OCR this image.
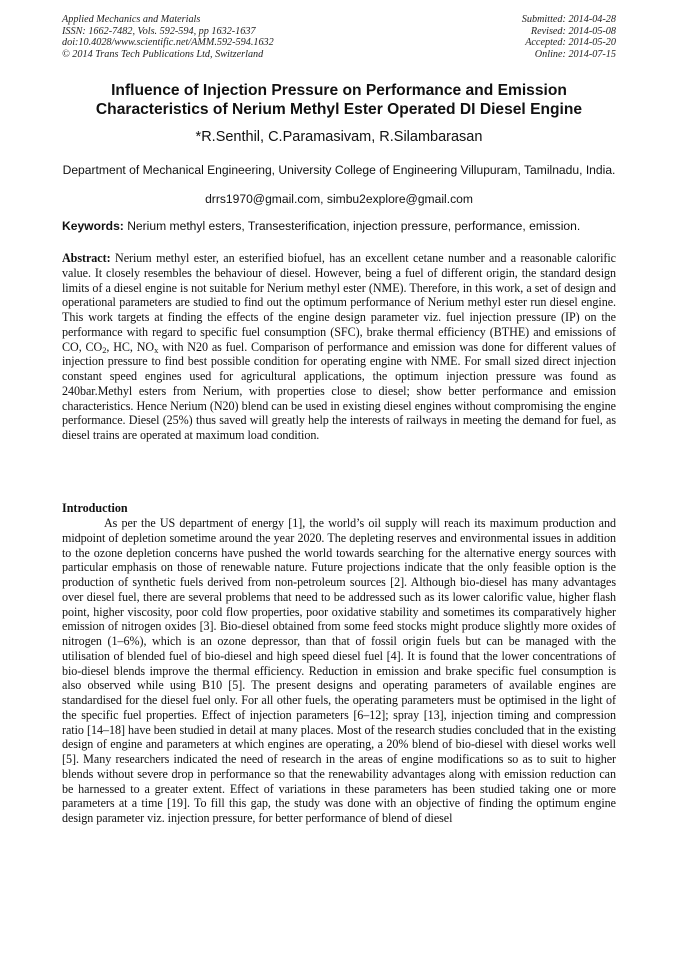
Applied Mechanics and Materials
ISSN: 1662-7482, Vols. 592-594, pp 1632-1637
doi:10.4028/www.scientific.net/AMM.592-594.1632
© 2014 Trans Tech Publications Ltd, Switzerland
Submitted: 2014-04-28
Revised: 2014-05-08
Accepted: 2014-05-20
Online: 2014-07-15
Influence of Injection Pressure on Performance and Emission
Characteristics of Nerium Methyl Ester Operated DI Diesel Engine
*R.Senthil, C.Paramasivam, R.Silambarasan
Department of Mechanical Engineering, University College of Engineering Villupuram, Tamilnadu, India.
drrs1970@gmail.com, simbu2explore@gmail.com
Keywords: Nerium methyl esters, Transesterification, injection pressure, performance, emission.
Abstract: Nerium methyl ester, an esterified biofuel, has an excellent cetane number and a reasonable calorific value. It closely resembles the behaviour of diesel. However, being a fuel of different origin, the standard design limits of a diesel engine is not suitable for Nerium methyl ester (NME). Therefore, in this work, a set of design and operational parameters are studied to find out the optimum performance of Nerium methyl ester run diesel engine. This work targets at finding the effects of the engine design parameter viz. fuel injection pressure (IP) on the performance with regard to specific fuel consumption (SFC), brake thermal efficiency (BTHE) and emissions of CO, $CO_2$, HC, $NO_x$ with N20 as fuel. Comparison of performance and emission was done for different values of injection pressure to find best possible condition for operating engine with NME. For small sized direct injection constant speed engines used for agricultural applications, the optimum injection pressure was found as 240bar.Methyl esters from Nerium, with properties close to diesel; show better performance and emission characteristics. Hence Nerium (N20) blend can be used in existing diesel engines without compromising the engine performance. Diesel (25%) thus saved will greatly help the interests of railways in meeting the demand for fuel, as diesel trains are operated at maximum load condition.
Introduction
As per the US department of energy [1], the world’s oil supply will reach its maximum production and midpoint of depletion sometime around the year 2020. The depleting reserves and environmental issues in addition to the ozone depletion concerns have pushed the world towards searching for the alternative energy sources with particular emphasis on those of renewable nature. Future projections indicate that the only feasible option is the production of synthetic fuels derived from non-petroleum sources [2]. Although bio-diesel has many advantages over diesel fuel, there are several problems that need to be addressed such as its lower calorific value, higher flash point, higher viscosity, poor cold flow properties, poor oxidative stability and sometimes its comparatively higher emission of nitrogen oxides [3]. Bio-diesel obtained from some feed stocks might produce slightly more oxides of nitrogen (1–6%), which is an ozone depressor, than that of fossil origin fuels but can be managed with the utilisation of blended fuel of bio-diesel and high speed diesel fuel [4]. It is found that the lower concentrations of bio-diesel blends improve the thermal efficiency. Reduction in emission and brake specific fuel consumption is also observed while using B10 [5]. The present designs and operating parameters of available engines are standardised for the diesel fuel only. For all other fuels, the operating parameters must be optimised in the light of the specific fuel properties. Effect of injection parameters [6–12]; spray [13], injection timing and compression ratio [14–18] have been studied in detail at many places. Most of the research studies concluded that in the existing design of engine and parameters at which engines are operating, a 20% blend of bio-diesel with diesel works well [5]. Many researchers indicated the need of research in the areas of engine modifications so as to suit to higher blends without severe drop in performance so that the renewability advantages along with emission reduction can be harnessed to a greater extent. Effect of variations in these parameters has been studied taking one or more parameters at a time [19]. To fill this gap, the study was done with an objective of finding the optimum engine design parameter viz. injection pressure, for better performance of blend of diesel
